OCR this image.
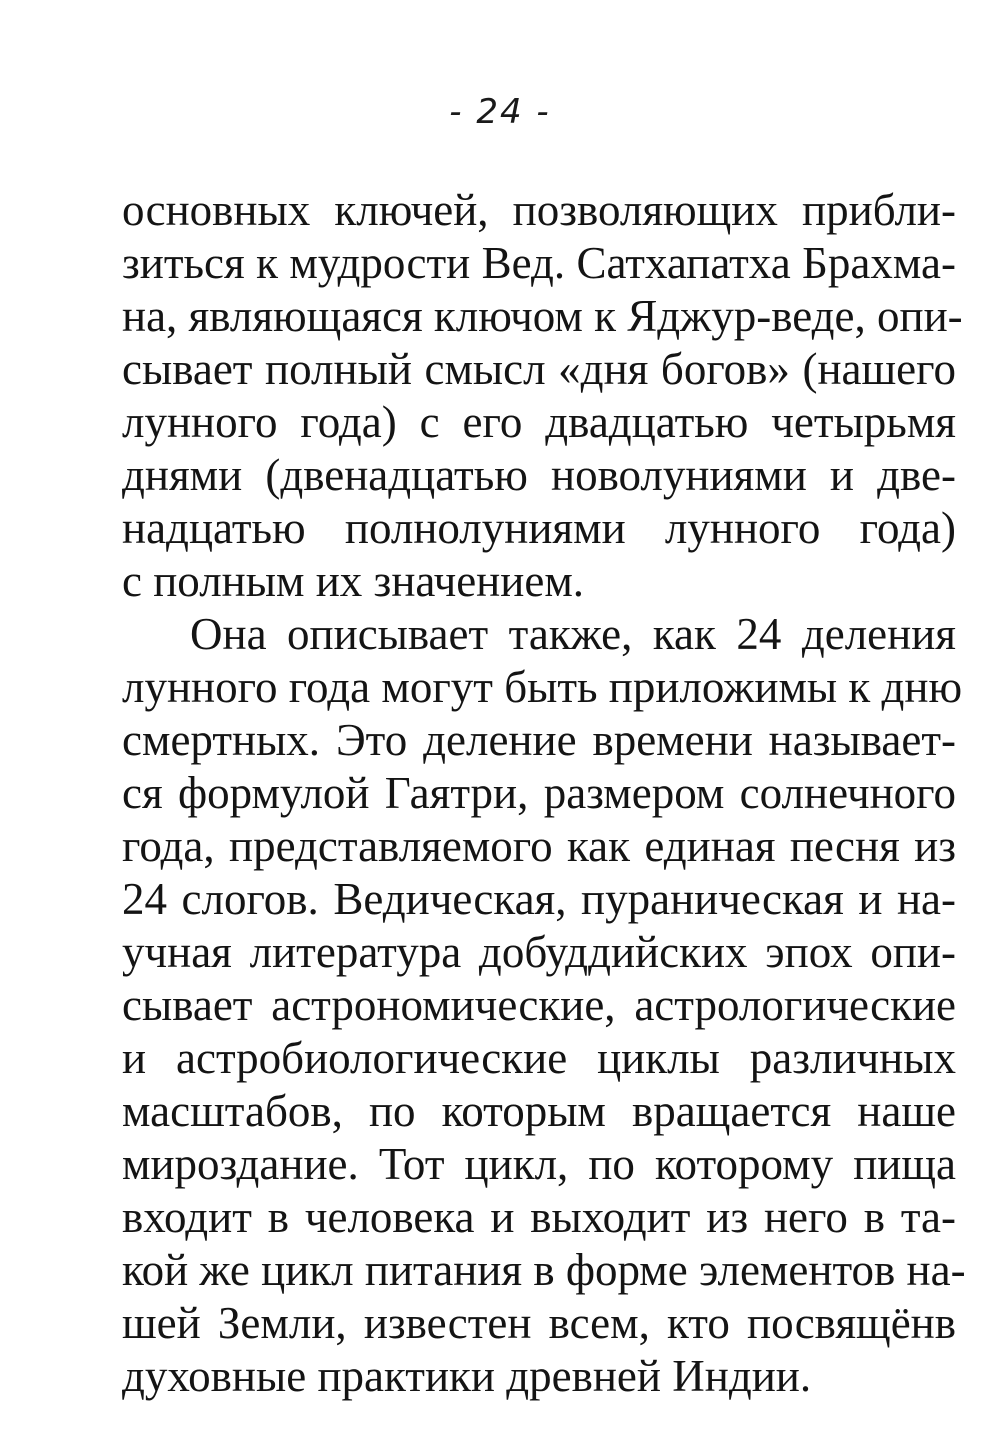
- 24 -
основных ключей, позволяющих прибли-
зиться к мудрости Вед. Сатхапатха Брахма-
на, являющаяся ключом к Яджур-веде, опи-
сывает полный смысл «дня богов» (нашего
лунного года) с его двадцатью четырьмя
днями (двенадцатью новолуниями и две-
надцатью полнолуниями лунного года)
с полным их значением.
Она описывает также, как 24 деления
лунного года могут быть приложимы к дню
смертных. Это деление времени называет-
ся формулой Гаятри, размером солнечного
года, представляемого как единая песня из
24 слогов. Ведическая, пураническая и на-
учная литература добуддийских эпох опи-
сывает астрономические, астрологические
и астробиологические циклы различных
масштабов, по которым вращается наше
мироздание. Тот цикл, по которому пища
входит в человека и выходит из него в та-
кой же цикл питания в форме элементов на-
шей Земли, известен всем, кто посвящёнв
духовные практики древней Индии.
